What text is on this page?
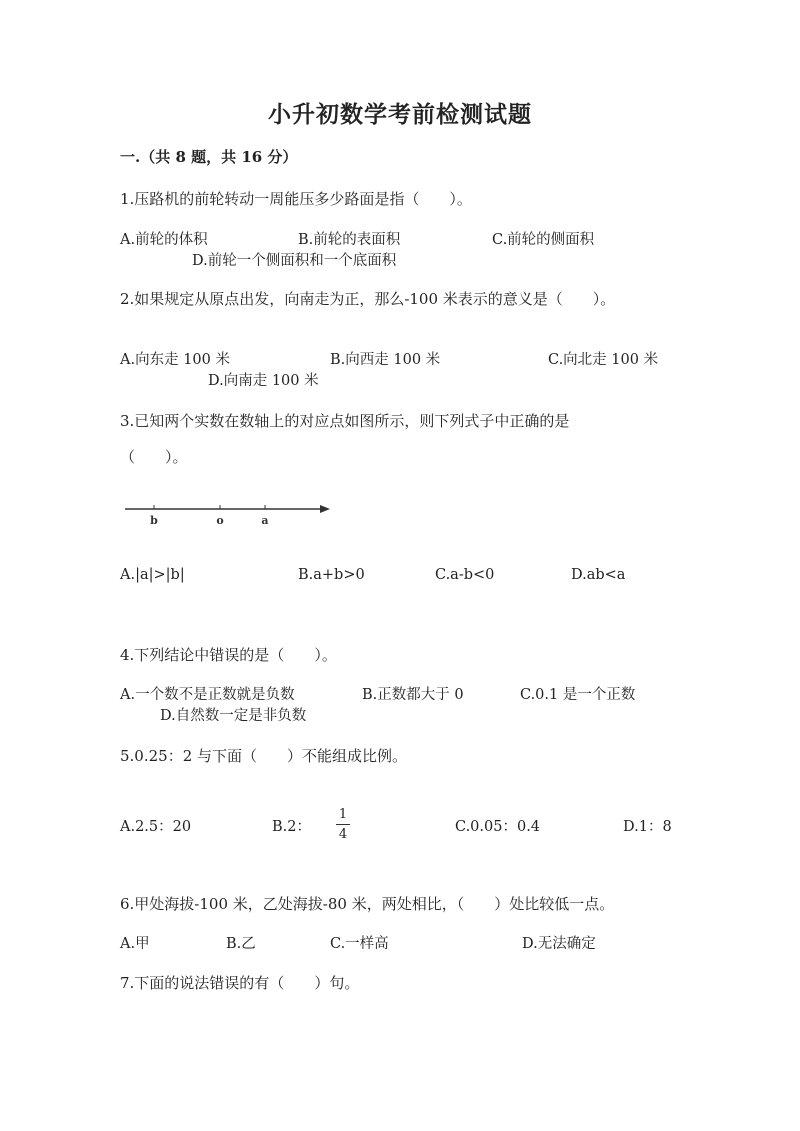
小升初数学考前检测试题
一.（共 8 题，共 16 分）
1.压路机的前轮转动一周能压多少路面是指（　　）。
A.前轮的体积	B.前轮的表面积	C.前轮的侧面积
D.前轮一个侧面积和一个底面积
2.如果规定从原点出发，向南走为正，那么-100 米表示的意义是（　　）。
A.向东走 100 米	B.向西走 100 米	C.向北走 100 米
D.向南走 100 米
3.已知两个实数在数轴上的对应点如图所示，则下列式子中正确的是
（　　）。
b	o	a
A.|a|>|b|	B.a+b>0	C.a-b<0	D.ab<a
4.下列结论中错误的是（　　）。
A.一个数不是正数就是负数	B.正数都大于 0	C.0.1 是一个正数
D.自然数一定是非负数
5.0.25：2 与下面（　　）不能组成比例。
A.2.5：20	B.2：
1
4	C.0.05：0.4	D.1：8
6.甲处海拔-100 米，乙处海拔-80 米，两处相比，（　　）处比较低一点。
A.甲	B.乙	C.一样高	D.无法确定
7.下面的说法错误的有（　　）句。
